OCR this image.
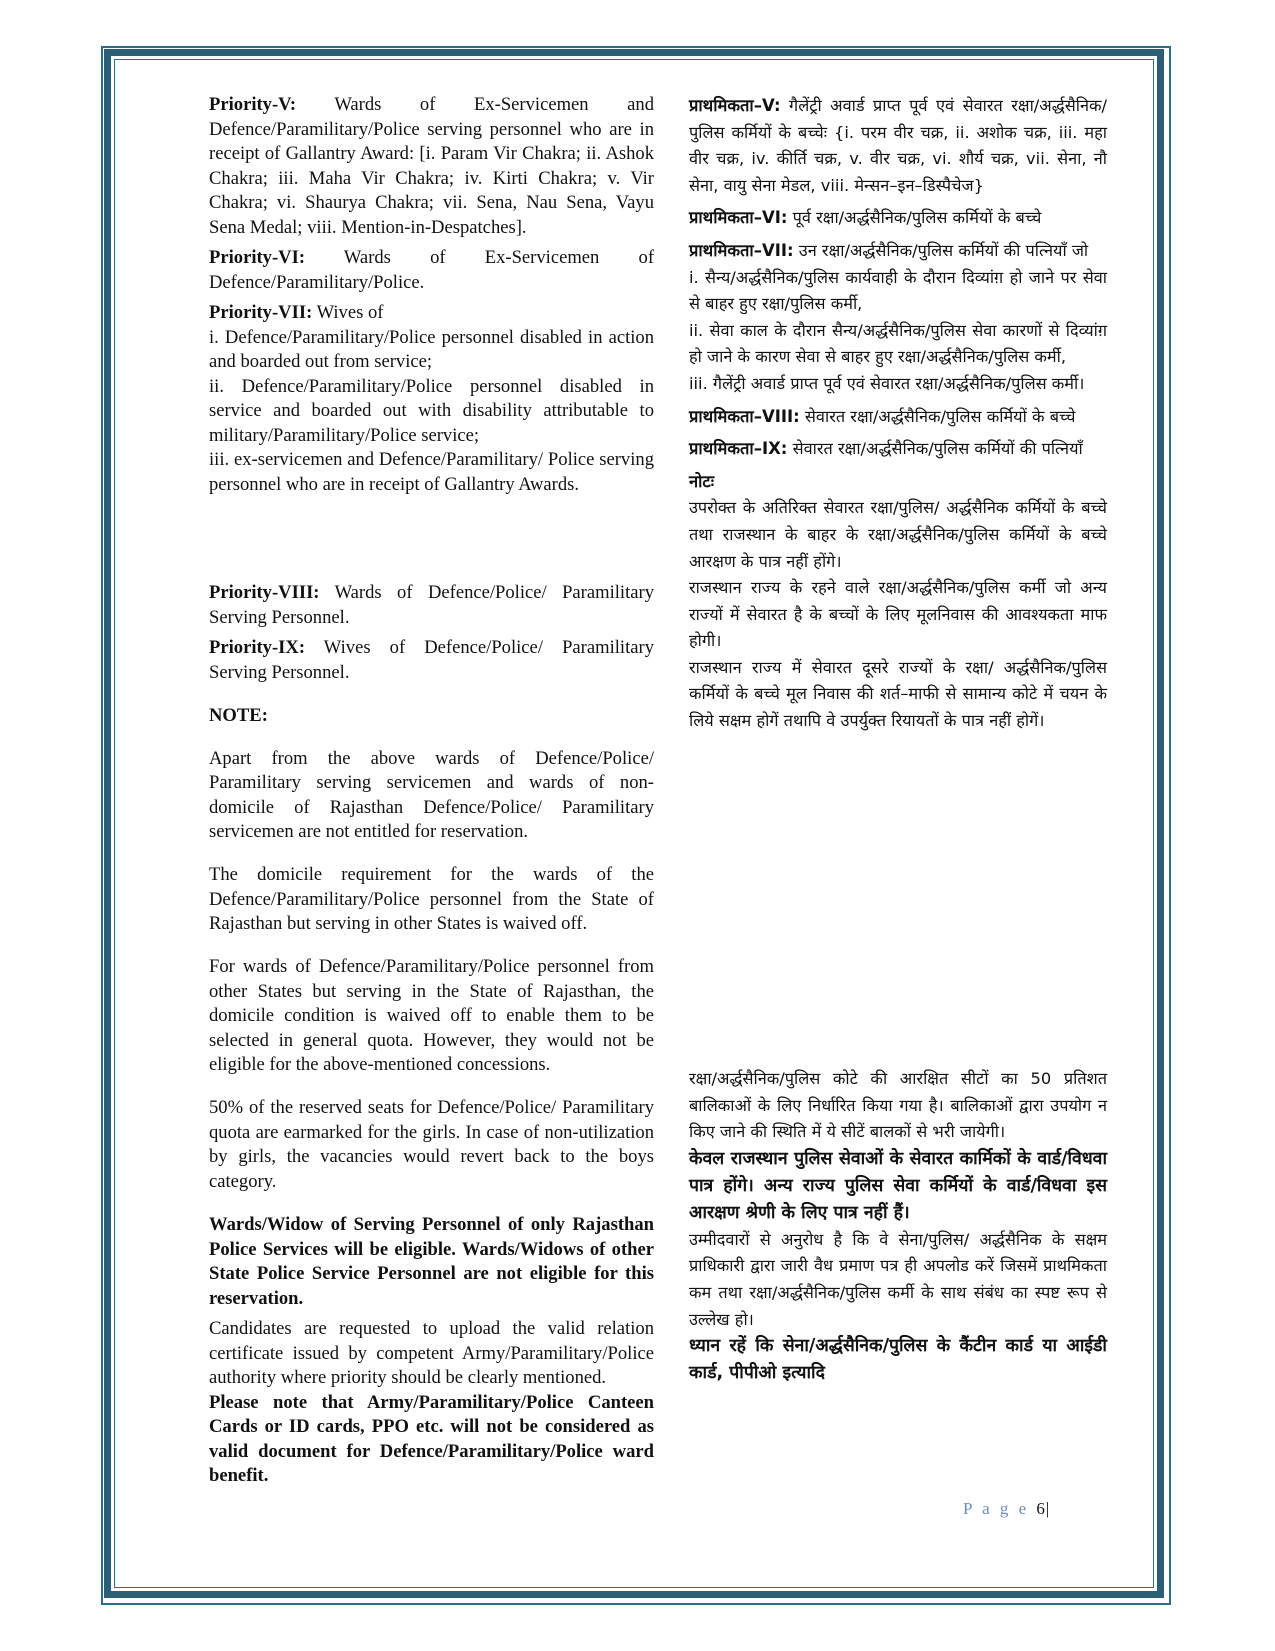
Priority-V: Wards of Ex-Servicemen and Defence/Paramilitary/Police serving personnel who are in receipt of Gallantry Award: [i. Param Vir Chakra; ii. Ashok Chakra; iii. Maha Vir Chakra; iv. Kirti Chakra; v. Vir Chakra; vi. Shaurya Chakra; vii. Sena, Nau Sena, Vayu Sena Medal; viii. Mention-in-Despatches].

Priority-VI: Wards of Ex-Servicemen of Defence/Paramilitary/Police.

Priority-VII: Wives of

i. Defence/Paramilitary/Police personnel disabled in action and boarded out from service;

ii. Defence/Paramilitary/Police personnel disabled in service and boarded out with disability attributable to military/Paramilitary/Police service;

iii. ex-servicemen and Defence/Paramilitary/ Police serving personnel who are in receipt of Gallantry Awards.

Priority-VIII: Wards of Defence/Police/ Paramilitary Serving Personnel.

Priority-IX: Wives of Defence/Police/ Paramilitary Serving Personnel.

NOTE:

Apart from the above wards of Defence/Police/ Paramilitary serving servicemen and wards of non-domicile of Rajasthan Defence/Police/ Paramilitary servicemen are not entitled for reservation.

The domicile requirement for the wards of the Defence/Paramilitary/Police personnel from the State of Rajasthan but serving in other States is waived off.

For wards of Defence/Paramilitary/Police personnel from other States but serving in the State of Rajasthan, the domicile condition is waived off to enable them to be selected in general quota. However, they would not be eligible for the above-mentioned concessions.

50% of the reserved seats for Defence/Police/ Paramilitary quota are earmarked for the girls. In case of non-utilization by girls, the vacancies would revert back to the boys category.

Wards/Widow of Serving Personnel of only Rajasthan Police Services will be eligible. Wards/Widows of other State Police Service Personnel are not eligible for this reservation.

Candidates are requested to upload the valid relation certificate issued by competent Army/Paramilitary/Police authority where priority should be clearly mentioned.

Please note that Army/Paramilitary/Police Canteen Cards or ID cards, PPO etc. will not be considered as valid document for Defence/Paramilitary/Police ward benefit.

प्राथमिकता–V: गैलेंट्री अवार्ड प्राप्त पूर्व एवं सेवारत रक्षा/अर्द्धसैनिक/पुलिस कर्मियों के बच्चेः {i. परम वीर चक्र, ii. अशोक चक्र, iii. महा वीर चक्र, iv. कीर्ति चक्र, v. वीर चक्र, vi. शौर्य चक्र, vii. सेना, नौ सेना, वायु सेना मेडल, viii. मेन्सन–इन–डिस्पैचेज}

प्राथमिकता–VI: पूर्व रक्षा/अर्द्धसैनिक/पुलिस कर्मियों के बच्चे

प्राथमिकता–VII: उन रक्षा/अर्द्धसैनिक/पुलिस कर्मियों की पत्नियाँ जो

i. सैन्य/अर्द्धसैनिक/पुलिस कार्यवाही के दौरान दिव्यांग़ हो जाने पर सेवा से बाहर हुए रक्षा/पुलिस कर्मी,

ii. सेवा काल के दौरान सैन्य/अर्द्धसैनिक/पुलिस सेवा कारणों से दिव्यांग़ हो जाने के कारण सेवा से बाहर हुए रक्षा/अर्द्धसैनिक/पुलिस कर्मी,

iii. गैलेंट्री अवार्ड प्राप्त पूर्व एवं सेवारत रक्षा/अर्द्धसैनिक/पुलिस कर्मी।

प्राथमिकता–VIII: सेवारत रक्षा/अर्द्धसैनिक/पुलिस कर्मियों के बच्चे

प्राथमिकता–IX: सेवारत रक्षा/अर्द्धसैनिक/पुलिस कर्मियों की पत्नियाँ

नोटः

उपरोक्त के अतिरिक्त सेवारत रक्षा/पुलिस/ अर्द्धसैनिक कर्मियों के बच्चे तथा राजस्थान के बाहर के रक्षा/अर्द्धसैनिक/पुलिस कर्मियों के बच्चे आरक्षण के पात्र नहीं होंगे।

राजस्थान राज्य के रहने वाले रक्षा/अर्द्धसैनिक/पुलिस कर्मी जो अन्य राज्यों में सेवारत है के बच्चों के लिए मूलनिवास की आवश्यकता माफ होगी।

राजस्थान राज्य में सेवारत दूसरे राज्यों के रक्षा/ अर्द्धसैनिक/पुलिस कर्मियों के बच्चे मूल निवास की शर्त–माफी से सामान्य कोटे में चयन के लिये सक्षम होगें तथापि वे उपर्युक्त रियायतों के पात्र नहीं होगें।

रक्षा/अर्द्धसैनिक/पुलिस कोटे की आरक्षित सीटों का 50 प्रतिशत बालिकाओं के लिए निर्धारित किया गया है। बालिकाओं द्वारा उपयोग न किए जाने की स्थिति में ये सीटें बालकों से भरी जायेगी।

केवल राजस्थान पुलिस सेवाओं के सेवारत कार्मिकों के वार्ड/विधवा पात्र होंगे। अन्य राज्य पुलिस सेवा कर्मियों के वार्ड/विधवा इस आरक्षण श्रेणी के लिए पात्र नहीं हैं।

उम्मीदवारों से अनुरोध है कि वे सेना/पुलिस/ अर्द्धसैनिक के सक्षम प्राधिकारी द्वारा जारी वैध प्रमाण पत्र ही अपलोड करें जिसमें प्राथमिकता कम तथा रक्षा/अर्द्धसैनिक/पुलिस कर्मी के साथ संबंध का स्पष्ट रूप से उल्लेख हो।

ध्यान रहें कि सेना/अर्द्धसैनिक/पुलिस के कैंटीन कार्ड या आईडी कार्ड, पीपीओ इत्यादि

P a g e 6|
